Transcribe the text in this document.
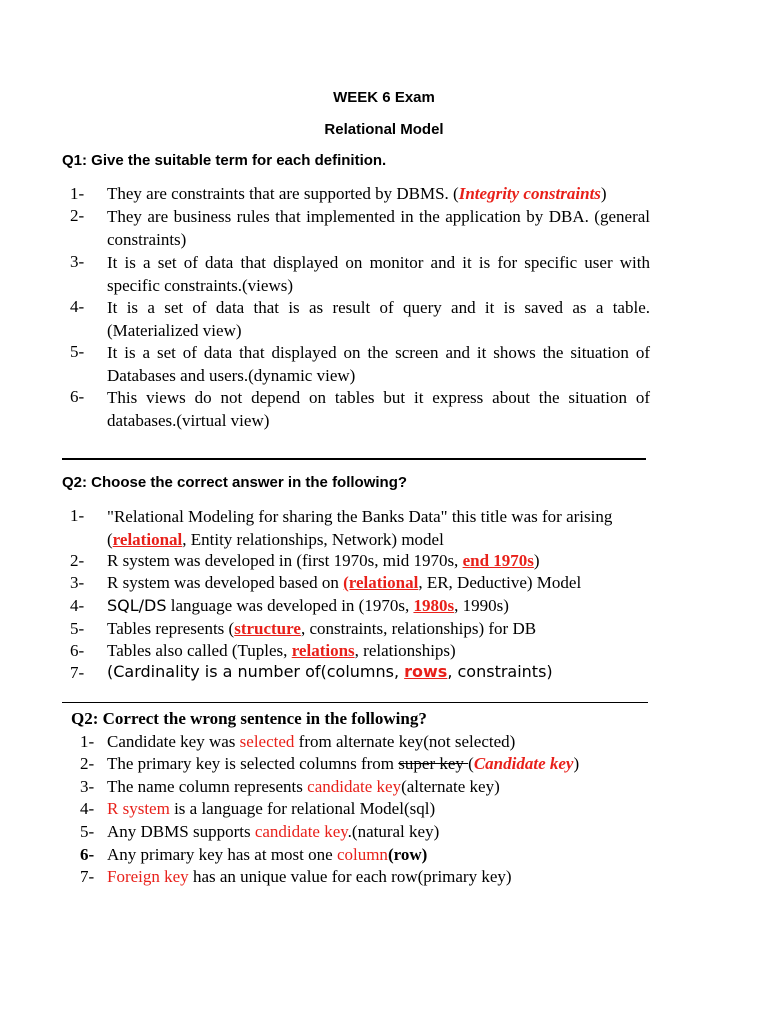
WEEK 6 Exam
Relational Model
Q1: Give the suitable term for each definition.
1- They are constraints that are supported by DBMS. (Integrity constraints)
2- They are business rules that implemented in the application by DBA. (general constraints)
3- It is a set of data that displayed on monitor and it is for specific user with specific constraints.(views)
4- It is a set of data that is as result of query and it is saved as a table. (Materialized view)
5- It is a set of data that displayed on the screen and it shows the situation of Databases and users.(dynamic view)
6- This views do not depend on tables but it express about the situation of databases.(virtual view)
Q2: Choose the correct answer in the following?
1- "Relational Modeling for sharing the Banks Data" this title was for arising
(relational, Entity relationships, Network) model
2- R system was developed in (first 1970s, mid 1970s, end 1970s)
3- R system was developed based on (relational, ER, Deductive) Model
4- SQL/DS language was developed in (1970s, 1980s, 1990s)
5- Tables represents (structure, constraints, relationships) for DB
6- Tables also called (Tuples, relations, relationships)
7- (Cardinality is a number of(columns, rows, constraints)
Q2: Correct the wrong sentence in the following?
1- Candidate key was selected from alternate key(not selected)
2- The primary key is selected columns from super key (Candidate key)
3- The name column represents candidate key(alternate key)
4- R system is a language for relational Model(sql)
5- Any DBMS supports candidate key.(natural key)
6- Any primary key has at most one column(row)
7- Foreign key has an unique value for each row(primary key)
